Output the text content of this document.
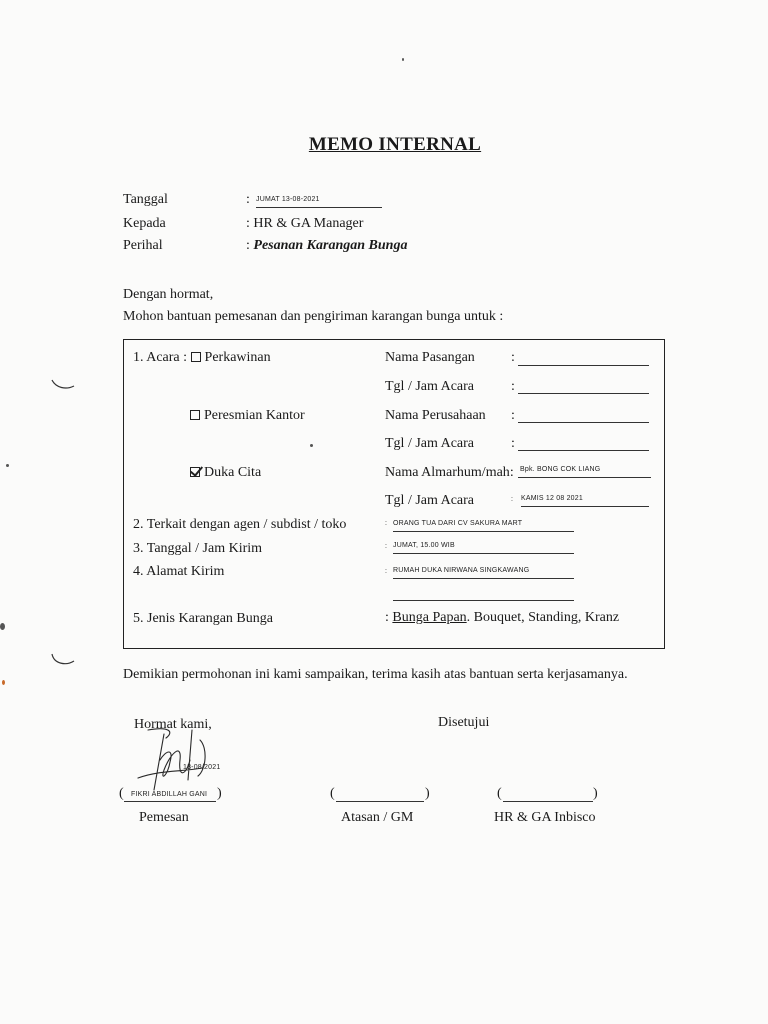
MEMO INTERNAL
Tanggal	: JUMAT 13-08-2021
Kepada	: HR & GA Manager
Perihal	: Pesanan Karangan Bunga
Dengan hormat,
Mohon bantuan pemesanan dan pengiriman karangan bunga untuk :
1. Acara : Perkawinan	Nama Pasangan	:
Tgl / Jam Acara	:
Peresmian Kantor	Nama Perusahaan :
Tgl / Jam Acara	:
Duka Cita	Nama Almarhum/mah: Bpk. BONG COK LIANG
Tgl / Jam Acara	: KAMIS 12 08 2021
2. Terkait dengan agen / subdist / toko	: ORANG TUA DARI CV SAKURA MART
3. Tanggal / Jam Kirim	: JUMAT, 15.00 WIB
4. Alamat Kirim	: RUMAH DUKA NIRWANA SINGKAWANG
5. Jenis Karangan Bunga	: Bunga Papan. Bouquet, Standing, Kranz
Demikian permohonan ini kami sampaikan, terima kasih atas bantuan serta kerjasamanya.
Hormat kami,	Disetujui
13-08/2021
( FIKRI ABDILLAH GANI )	(	)	(	)
Pemesan	Atasan / GM	HR & GA Inbisco
